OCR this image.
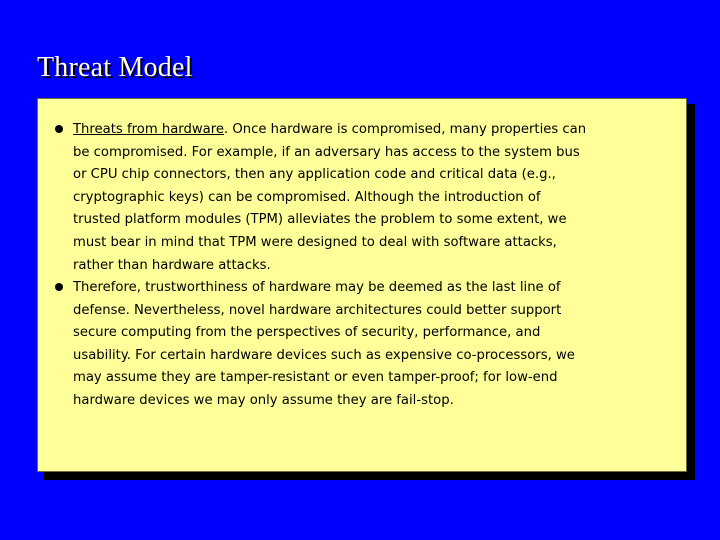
Threat Model

Threats from hardware. Once hardware is compromised, many properties can
be compromised. For example, if an adversary has access to the system bus
or CPU chip connectors, then any application code and critical data (e.g.,
cryptographic keys) can be compromised. Although the introduction of
trusted platform modules (TPM) alleviates the problem to some extent, we
must bear in mind that TPM were designed to deal with software attacks,
rather than hardware attacks.

Therefore, trustworthiness of hardware may be deemed as the last line of
defense. Nevertheless, novel hardware architectures could better support
secure computing from the perspectives of security, performance, and
usability. For certain hardware devices such as expensive co-processors, we
may assume they are tamper-resistant or even tamper-proof; for low-end
hardware devices we may only assume they are fail-stop.
